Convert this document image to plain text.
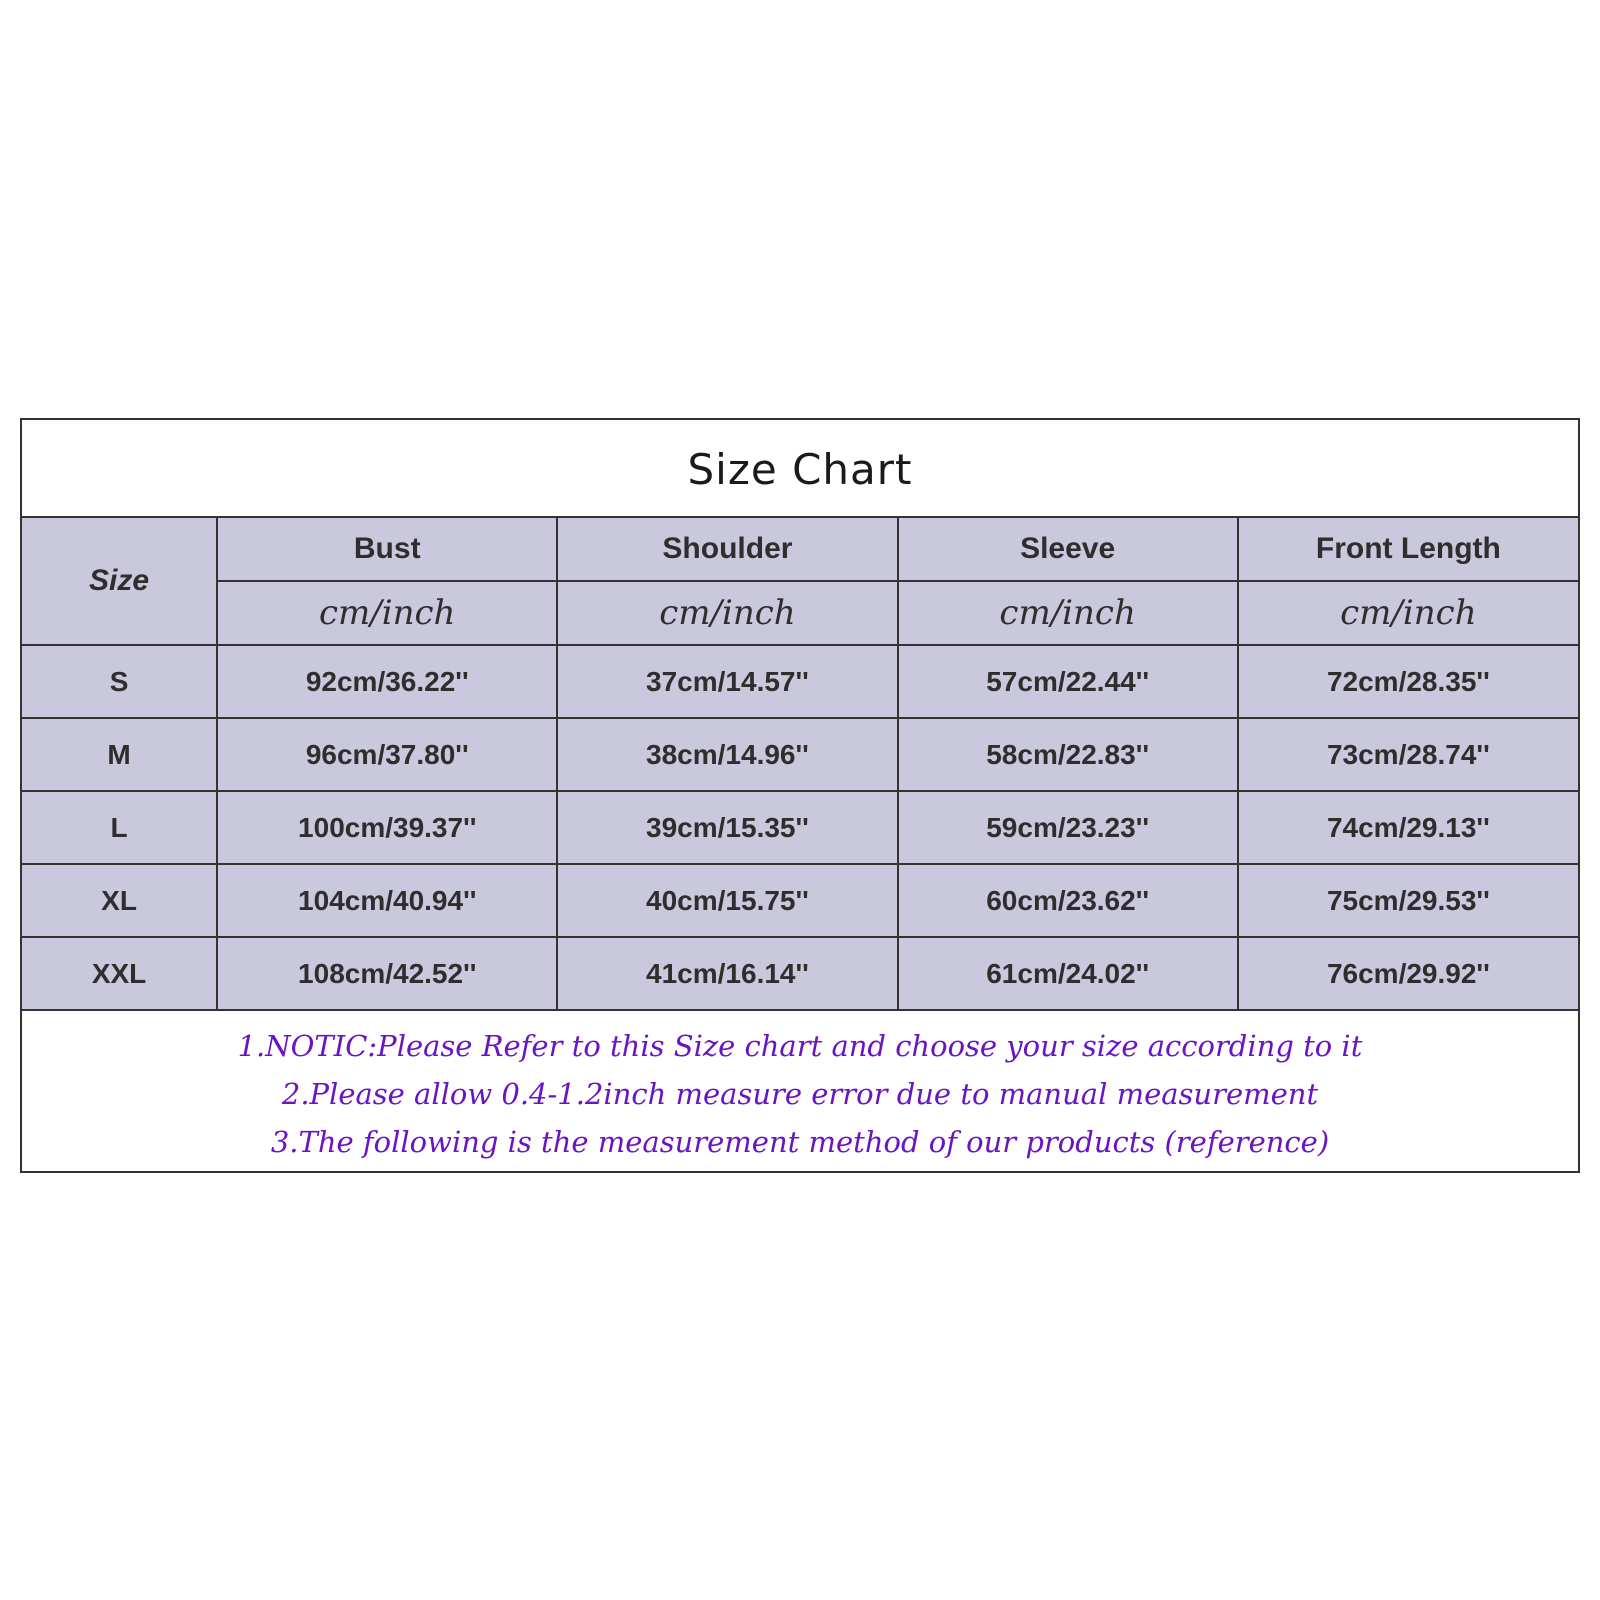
Size Chart
Size	Bust	Shoulder	Sleeve	Front Length
	cm/inch	cm/inch	cm/inch	cm/inch
S	92cm/36.22''	37cm/14.57''	57cm/22.44''	72cm/28.35''
M	96cm/37.80''	38cm/14.96''	58cm/22.83''	73cm/28.74''
L	100cm/39.37''	39cm/15.35''	59cm/23.23''	74cm/29.13''
XL	104cm/40.94''	40cm/15.75''	60cm/23.62''	75cm/29.53''
XXL	108cm/42.52''	41cm/16.14''	61cm/24.02''	76cm/29.92''
1.NOTIC:Please Refer to this Size chart and choose your size according to it
2.Please allow 0.4-1.2inch measure error due to manual measurement
3.The following is the measurement method of our products (reference)
